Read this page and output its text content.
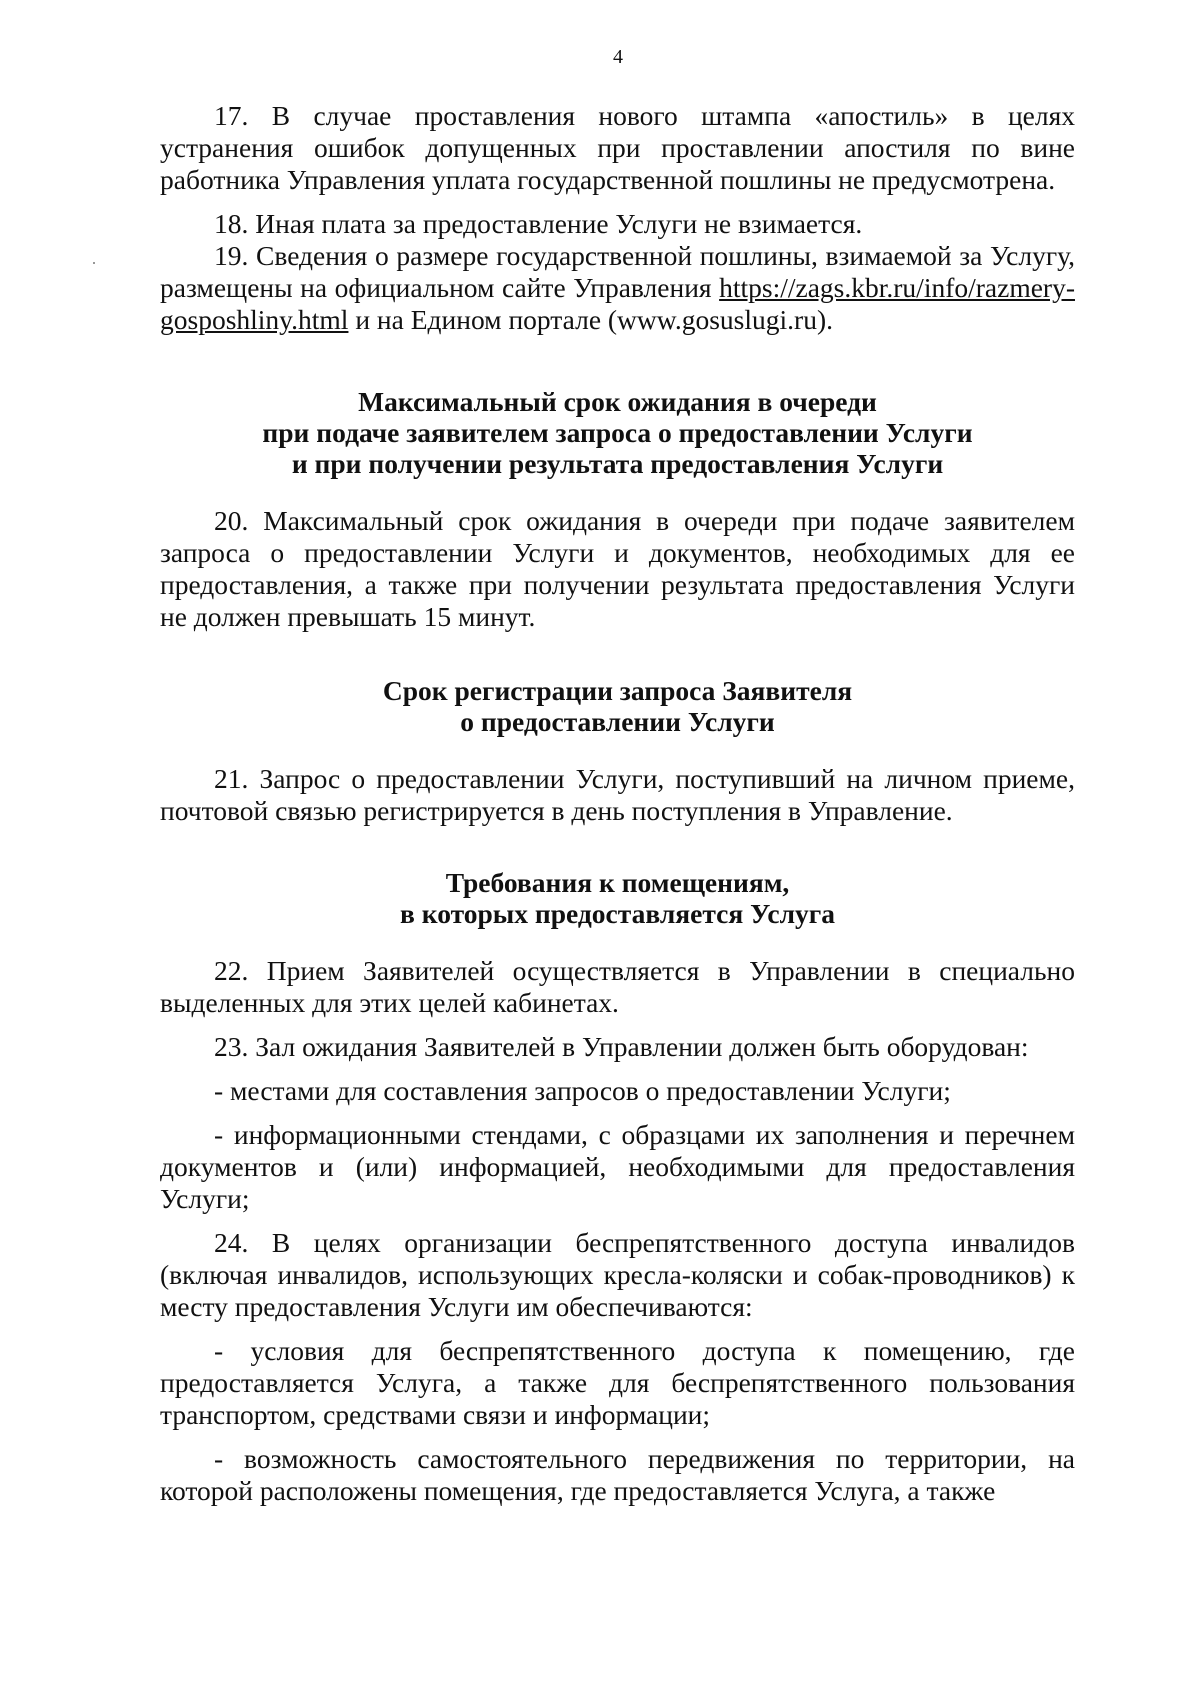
4

17. В случае проставления нового штампа «апостиль» в целях устранения ошибок допущенных при проставлении апостиля по вине работника Управления уплата государственной пошлины не предусмотрена.

18. Иная плата за предоставление Услуги не взимается.

19. Сведения о размере государственной пошлины, взимаемой за Услугу, размещены на официальном сайте Управления https://zags.kbr.ru/info/razmery-gosposhliny.html и на Едином портале (www.gosuslugi.ru).

Максимальный срок ожидания в очереди
при подаче заявителем запроса о предоставлении Услуги
и при получении результата предоставления Услуги

20. Максимальный срок ожидания в очереди при подаче заявителем запроса о предоставлении Услуги и документов, необходимых для ее предоставления, а также при получении результата предоставления Услуги не должен превышать 15 минут.

Срок регистрации запроса Заявителя
о предоставлении Услуги

21. Запрос о предоставлении Услуги, поступивший на личном приеме, почтовой связью регистрируется в день поступления в Управление.

Требования к помещениям,
в которых предоставляется Услуга

22. Прием Заявителей осуществляется в Управлении в специально выделенных для этих целей кабинетах.

23. Зал ожидания Заявителей в Управлении должен быть оборудован:

- местами для составления запросов о предоставлении Услуги;

- информационными стендами, с образцами их заполнения и перечнем документов и (или) информацией, необходимыми для предоставления Услуги;

24. В целях организации беспрепятственного доступа инвалидов (включая инвалидов, использующих кресла-коляски и собак-проводников) к месту предоставления Услуги им обеспечиваются:

- условия для беспрепятственного доступа к помещению, где предоставляется Услуга, а также для беспрепятственного пользования транспортом, средствами связи и информации;

- возможность самостоятельного передвижения по территории, на которой расположены помещения, где предоставляется Услуга, а также
